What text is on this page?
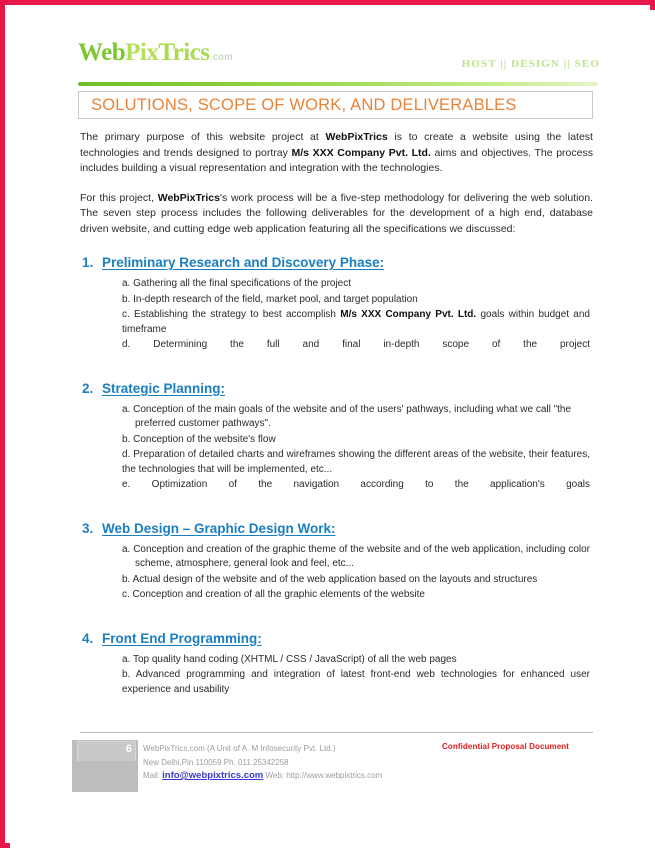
WebPixTrics.com
HOST || DESIGN || SEO
SOLUTIONS, SCOPE OF WORK, AND DELIVERABLES

The primary purpose of this website project at WebPixTrics is to create a website using the latest technologies and trends designed to portray M/s XXX Company Pvt. Ltd. aims and objectives. The process includes building a visual representation and integration with the technologies.

For this project, WebPixTrics's work process will be a five-step methodology for delivering the web solution. The seven step process includes the following deliverables for the development of a high end, database driven website, and cutting edge web application featuring all the specifications we discussed:

1. Preliminary Research and Discovery Phase:
a. Gathering all the final specifications of the project
b. In-depth research of the field, market pool, and target population
c. Establishing the strategy to best accomplish M/s XXX Company Pvt. Ltd. goals within budget and timeframe
d. Determining the full and final in-depth scope of the project
2. Strategic Planning:
a. Conception of the main goals of the website and of the users' pathways, including what we call "the preferred customer pathways".
b. Conception of the website's flow
d. Preparation of detailed charts and wireframes showing the different areas of the website, their features, the technologies that will be implemented, etc...
e. Optimization of the navigation according to the application's goals
3. Web Design – Graphic Design Work:
a. Conception and creation of the graphic theme of the website and of the web application, including color scheme, atmosphere, general look and feel, etc...
b. Actual design of the website and of the web application based on the layouts and structures
c. Conception and creation of all the graphic elements of the website
4. Front End Programming:
a. Top quality hand coding (XHTML / CSS / JavaScript) of all the web pages
b. Advanced programming and integration of latest front-end web technologies for enhanced user experience and usability
6 WebPixTrics.com (A Unit of A. M Infosecurity Pvt. Ltd.)
New Delhi,Pin 110059 Ph. 011 25342258
Mail: info@webpixtrics.com Web: http://www.webpixtrics.com
Confidential Proposal Document
